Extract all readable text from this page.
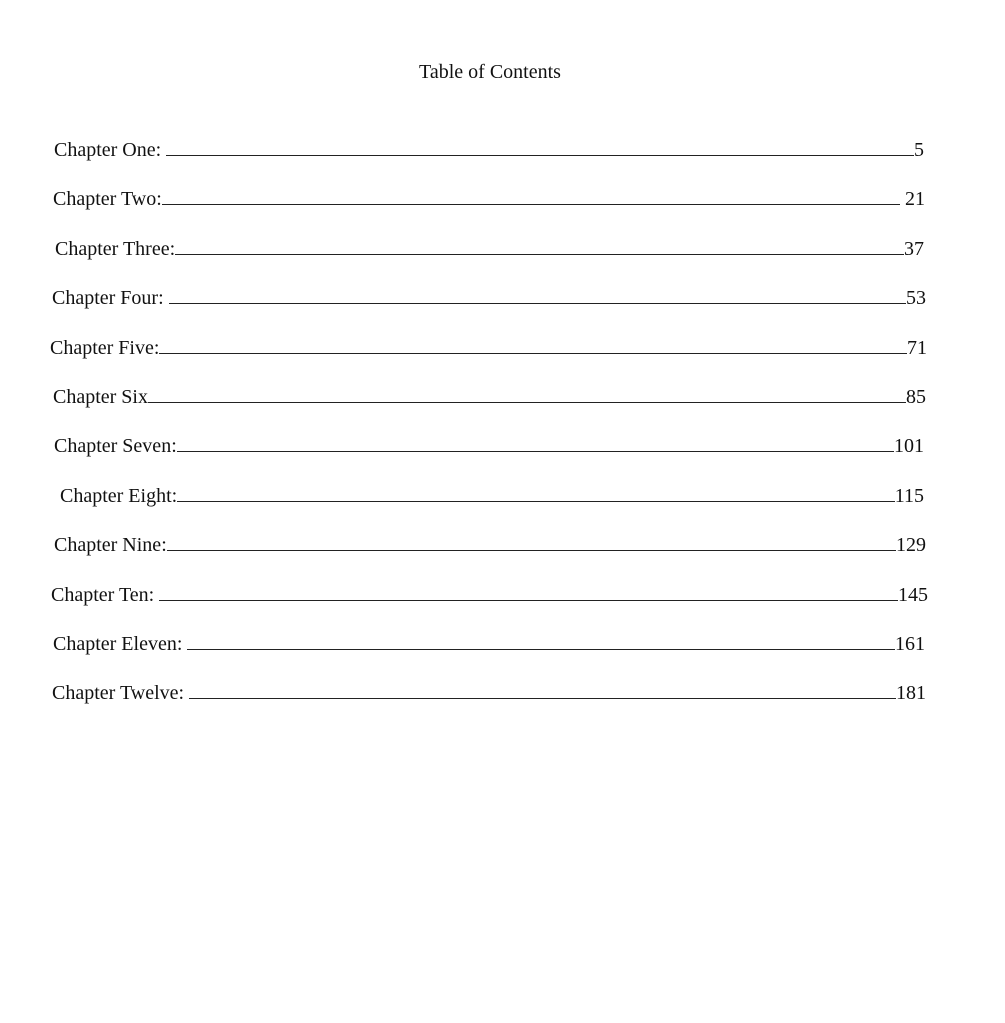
Table of Contents
Chapter One:	5
Chapter Two:	21
Chapter Three:	37
Chapter Four:	53
Chapter Five:	71
Chapter Six	85
Chapter Seven:	101
Chapter Eight:	115
Chapter Nine:	129
Chapter Ten:	145
Chapter Eleven:	161
Chapter Twelve:	181
